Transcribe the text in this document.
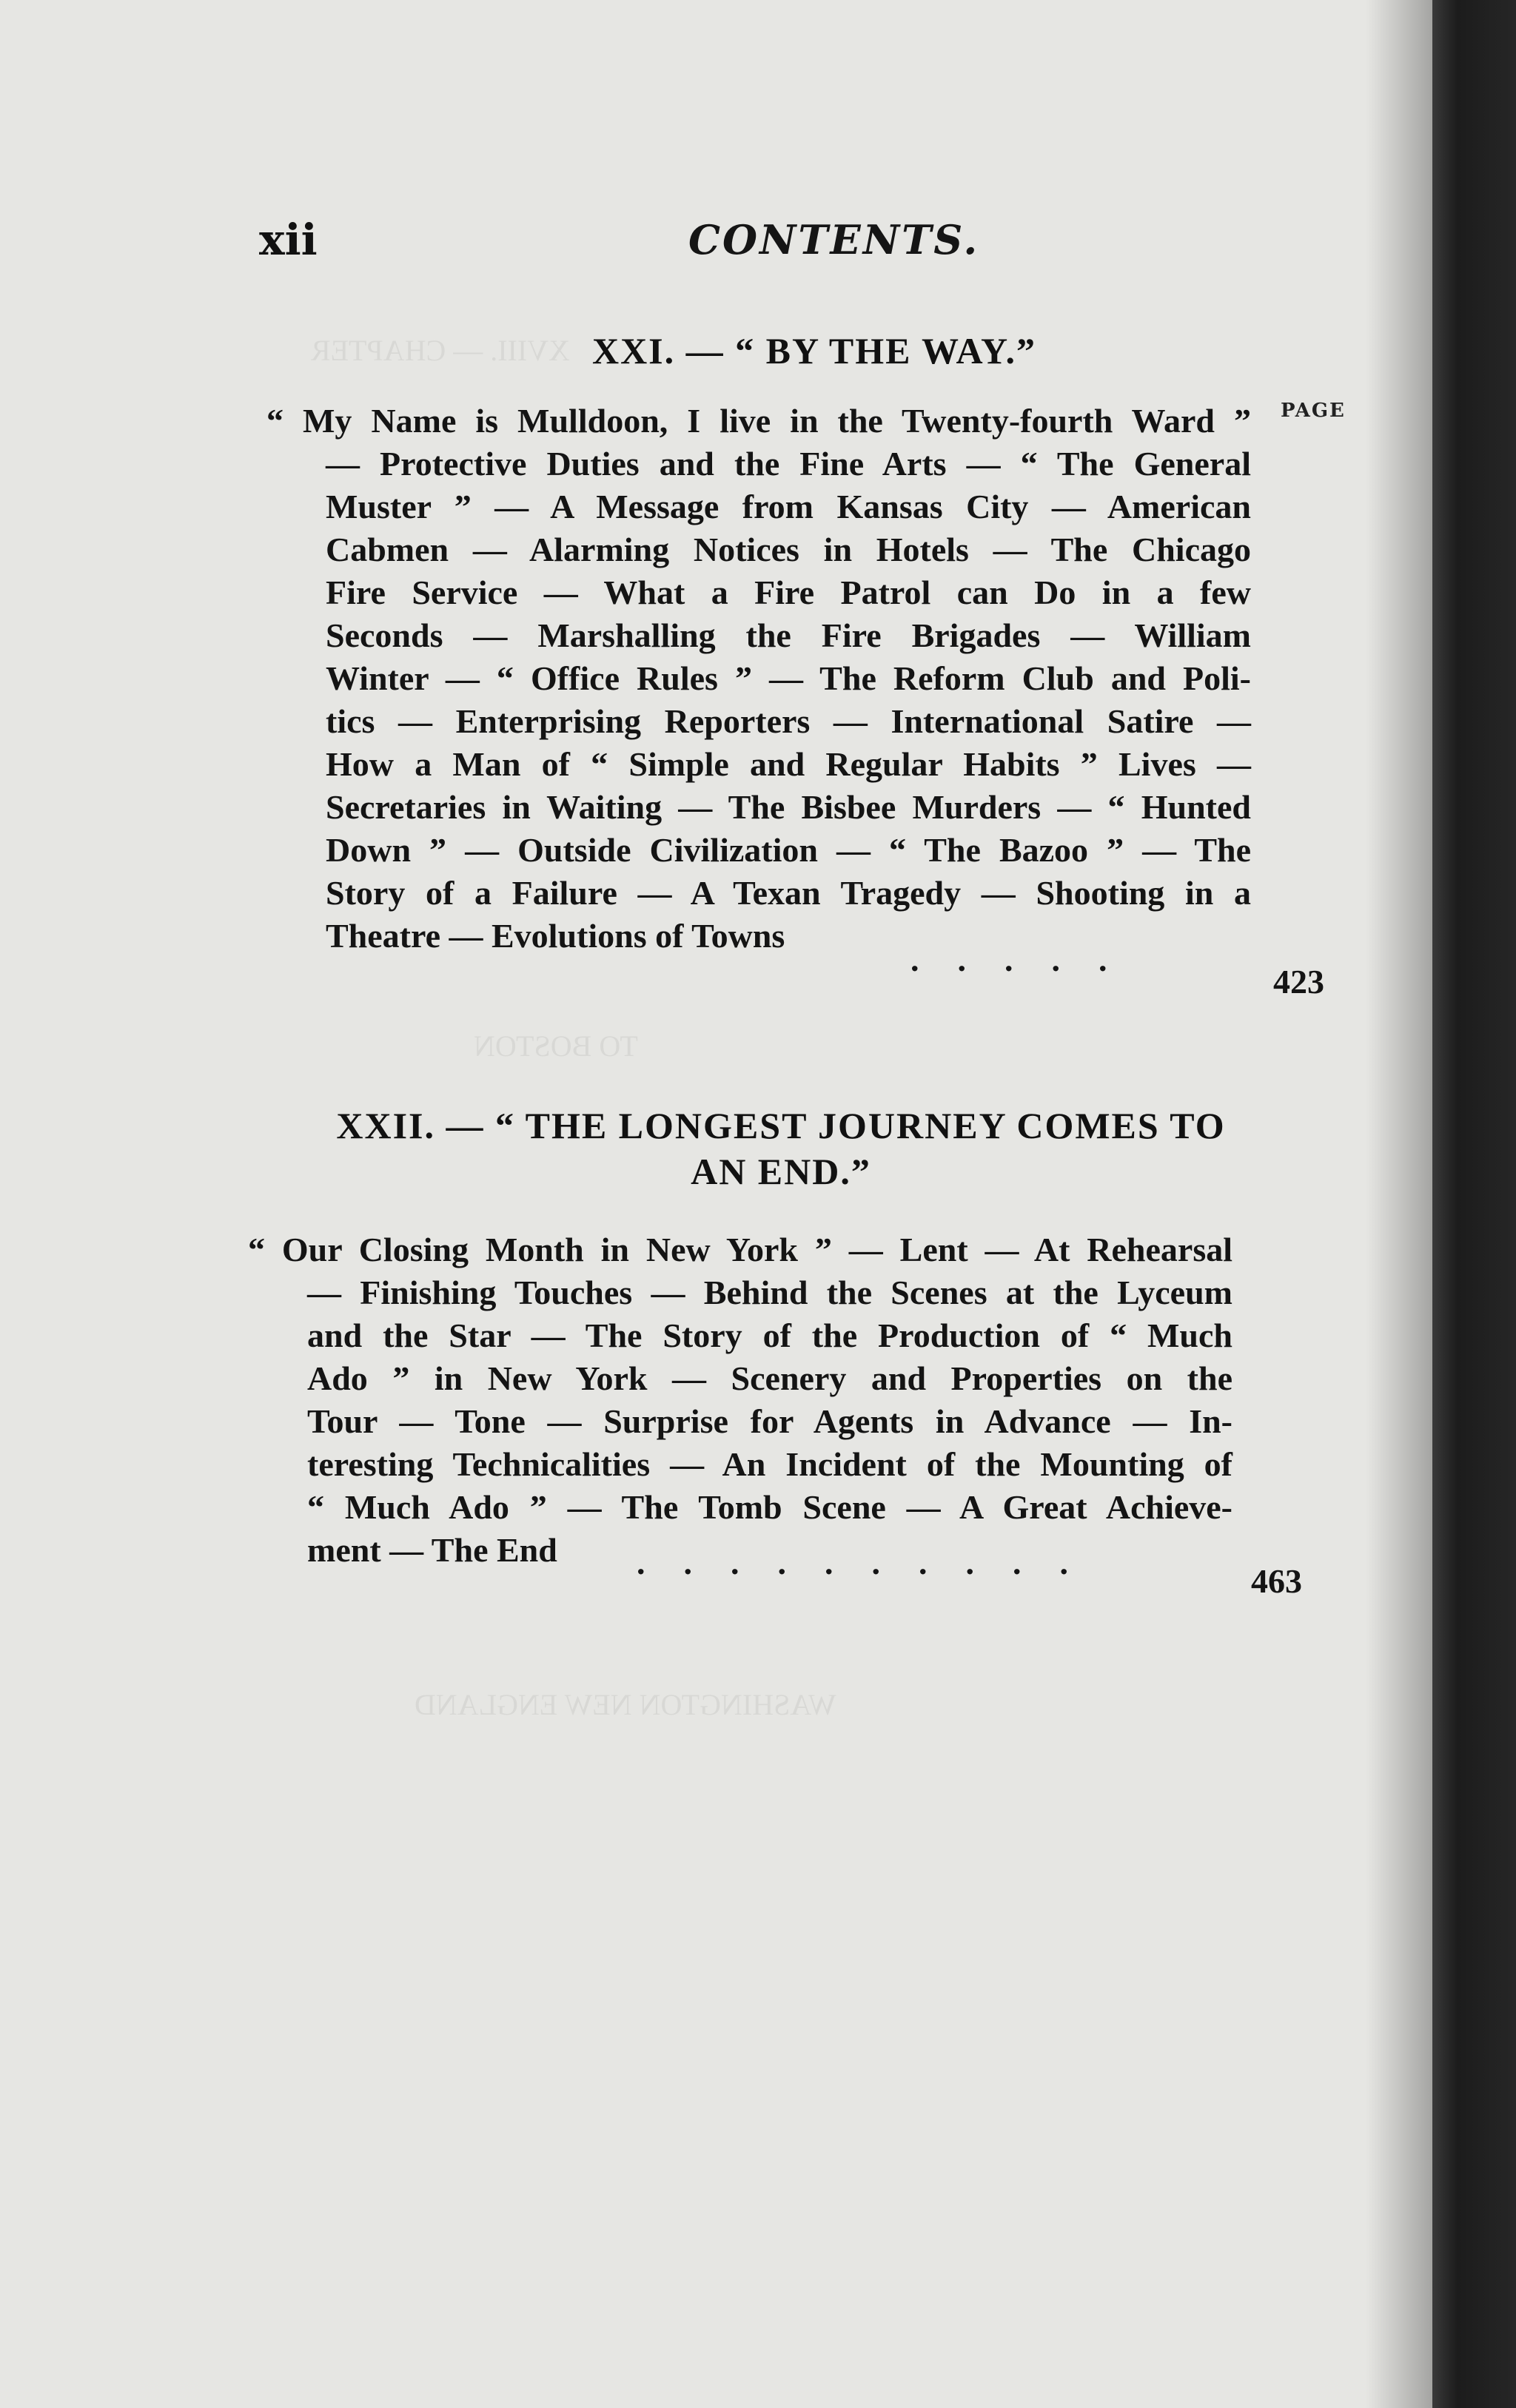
XVIII. — CHAPTER
TO BOSTON
WASHINGTON NEW ENGLAND
xii	CONTENTS.
PAGE
XXI. — “ BY THE WAY.”
“ My Name is Mulldoon, I live in the Twenty-fourth Ward ”
— Protective Duties and the Fine Arts — “ The General
Muster ” — A Message from Kansas City — American
Cabmen — Alarming Notices in Hotels — The Chicago
Fire Service — What a Fire Patrol can Do in a few
Seconds — Marshalling the Fire Brigades — William
Winter — “ Office Rules ” — The Reform Club and Poli-
tics — Enterprising Reporters — International Satire —
How a Man of “ Simple and Regular Habits ” Lives —
Secretaries in Waiting — The Bisbee Murders — “ Hunted
Down ” — Outside Civilization — “ The Bazoo ” — The
Story of a Failure — A Texan Tragedy — Shooting in a
Theatre — Evolutions of Towns
.....
423
XXII. — “ THE LONGEST JOURNEY COMES TO
AN END.”
“ Our Closing Month in New York ” — Lent — At Rehearsal
— Finishing Touches — Behind the Scenes at the Lyceum
and the Star — The Story of the Production of “ Much
Ado ” in New York — Scenery and Properties on the
Tour — Tone — Surprise for Agents in Advance — In-
teresting Technicalities — An Incident of the Mounting of
“ Much Ado ” — The Tomb Scene — A Great Achieve-
ment — The End	..........	463
